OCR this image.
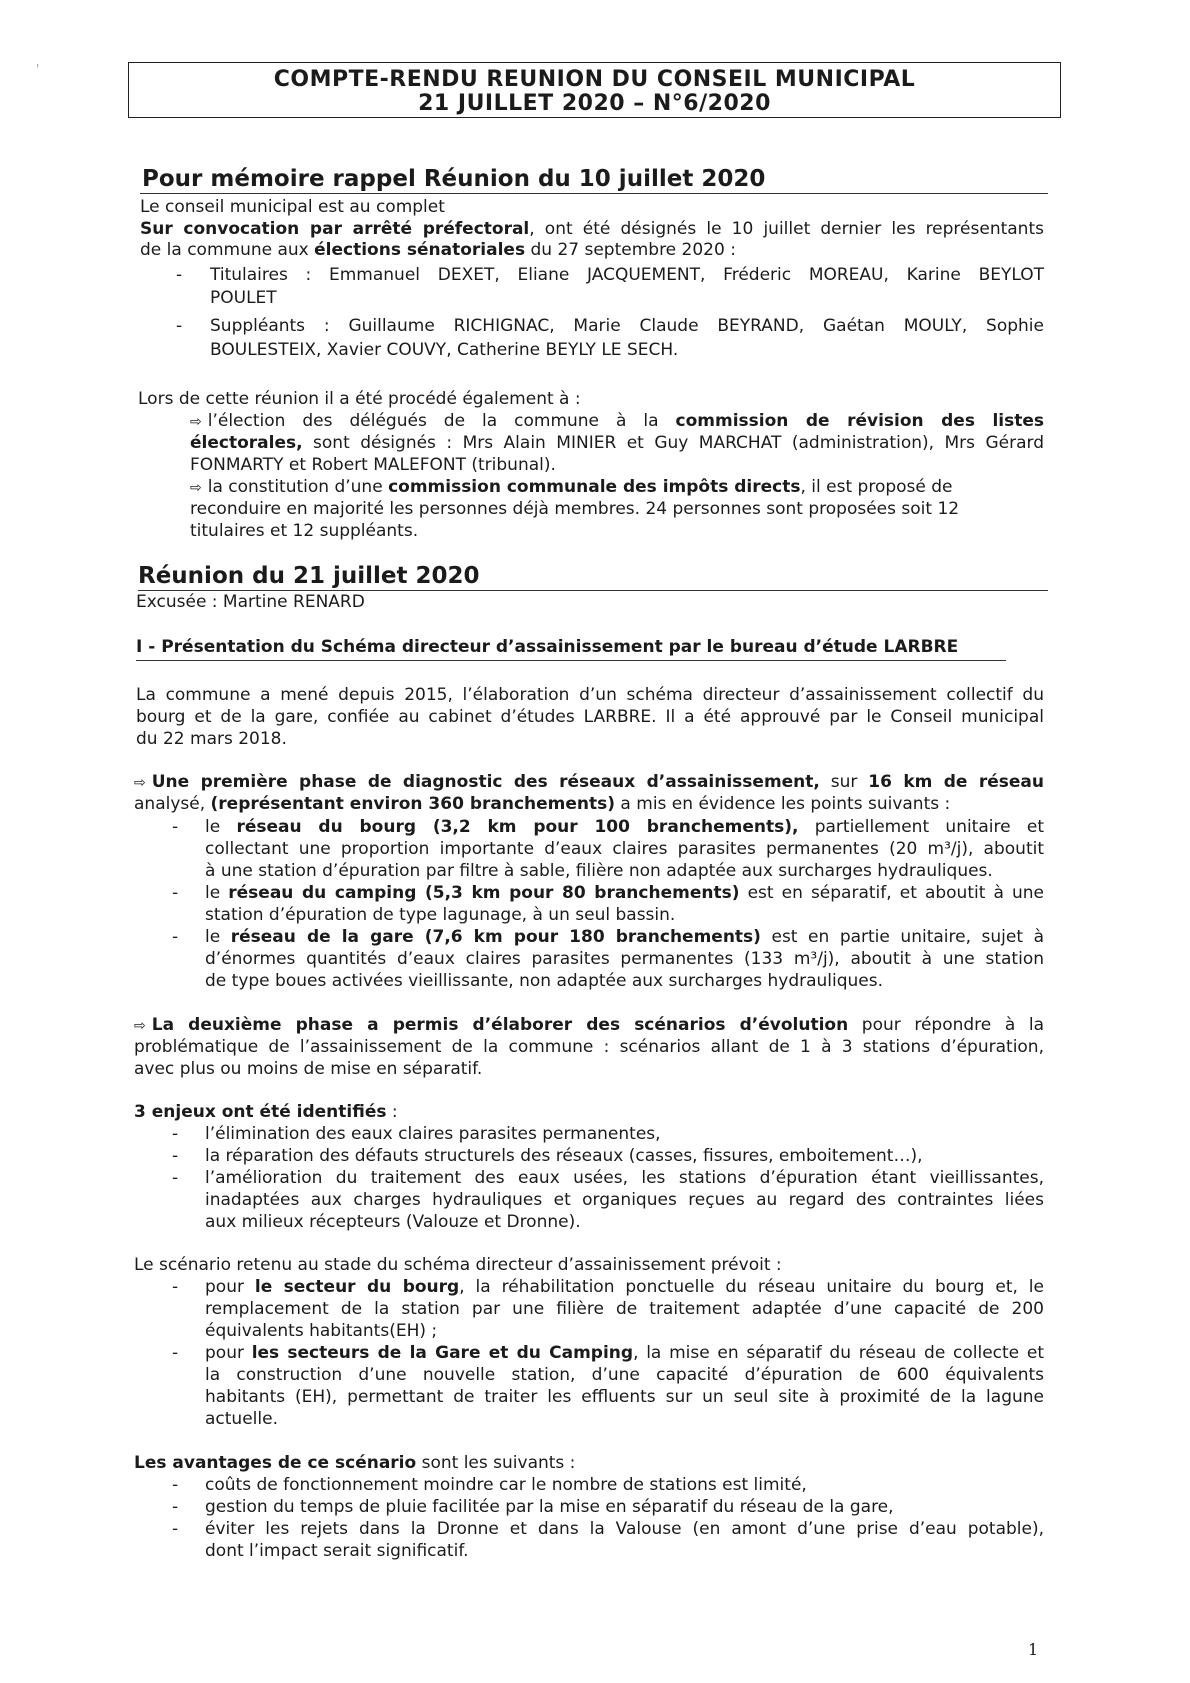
'	COMPTE-RENDU REUNION DU CONSEIL MUNICIPAL
21 JUILLET 2020 – N°6/2020
Pour mémoire rappel Réunion du 10 juillet 2020
Le conseil municipal est au complet
Sur convocation par arrêté préfectoral, ont été désignés le 10 juillet dernier les représentants
de la commune aux élections sénatoriales du 27 septembre 2020 :
- Titulaires : Emmanuel DEXET, Eliane JACQUEMENT, Fréderic MOREAU, Karine BEYLOT
POULET
- Suppléants : Guillaume RICHIGNAC, Marie Claude BEYRAND, Gaétan MOULY, Sophie
BOULESTEIX, Xavier COUVY, Catherine BEYLY LE SECH.
Lors de cette réunion il a été procédé également à :
⇨ l’élection des délégués de la commune à la commission de révision des listes
électorales, sont désignés : Mrs Alain MINIER et Guy MARCHAT (administration), Mrs Gérard
FONMARTY et Robert MALEFONT (tribunal).
⇨ la constitution d’une commission communale des impôts directs, il est proposé de
reconduire en majorité les personnes déjà membres. 24 personnes sont proposées soit 12
titulaires et 12 suppléants.
Réunion du 21 juillet 2020
Excusée : Martine RENARD
I - Présentation du Schéma directeur d’assainissement par le bureau d’étude LARBRE
La commune a mené depuis 2015, l’élaboration d’un schéma directeur d’assainissement collectif du
bourg et de la gare, confiée au cabinet d’études LARBRE. Il a été approuvé par le Conseil municipal
du 22 mars 2018.
⇨ Une première phase de diagnostic des réseaux d’assainissement, sur 16 km de réseau
analysé, (représentant environ 360 branchements) a mis en évidence les points suivants :
- le réseau du bourg (3,2 km pour 100 branchements), partiellement unitaire et
collectant une proportion importante d’eaux claires parasites permanentes (20 m³/j), aboutit
à une station d’épuration par filtre à sable, filière non adaptée aux surcharges hydrauliques.
- le réseau du camping (5,3 km pour 80 branchements) est en séparatif, et aboutit à une
station d’épuration de type lagunage, à un seul bassin.
- le réseau de la gare (7,6 km pour 180 branchements) est en partie unitaire, sujet à
d’énormes quantités d’eaux claires parasites permanentes (133 m³/j), aboutit à une station
de type boues activées vieillissante, non adaptée aux surcharges hydrauliques.
⇨ La deuxième phase a permis d’élaborer des scénarios d’évolution pour répondre à la
problématique de l’assainissement de la commune : scénarios allant de 1 à 3 stations d’épuration,
avec plus ou moins de mise en séparatif.
3 enjeux ont été identifiés :
- l’élimination des eaux claires parasites permanentes,
- la réparation des défauts structurels des réseaux (casses, fissures, emboitement…),
- l’amélioration du traitement des eaux usées, les stations d’épuration étant vieillissantes,
inadaptées aux charges hydrauliques et organiques reçues au regard des contraintes liées
aux milieux récepteurs (Valouze et Dronne).
Le scénario retenu au stade du schéma directeur d’assainissement prévoit :
- pour le secteur du bourg, la réhabilitation ponctuelle du réseau unitaire du bourg et, le
remplacement de la station par une filière de traitement adaptée d’une capacité de 200
équivalents habitants(EH) ;
- pour les secteurs de la Gare et du Camping, la mise en séparatif du réseau de collecte et
la construction d’une nouvelle station, d’une capacité d’épuration de 600 équivalents
habitants (EH), permettant de traiter les effluents sur un seul site à proximité de la lagune
actuelle.
Les avantages de ce scénario sont les suivants :
- coûts de fonctionnement moindre car le nombre de stations est limité,
- gestion du temps de pluie facilitée par la mise en séparatif du réseau de la gare,
- éviter les rejets dans la Dronne et dans la Valouse (en amont d’une prise d’eau potable),
dont l’impact serait significatif.
1
